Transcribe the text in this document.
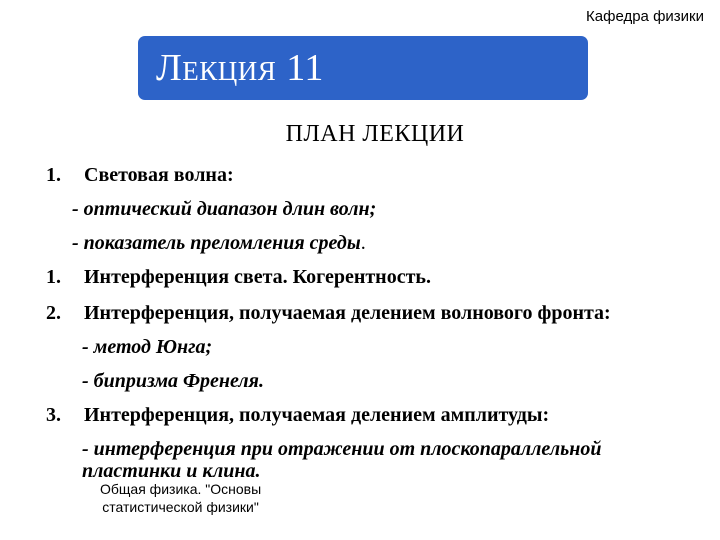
Кафедра физики
Лекция 11
ПЛАН ЛЕКЦИИ
1. Световая волна:
- оптический диапазон длин волн;
- показатель преломления среды.
1. Интерференция света. Когерентность.
2. Интерференция, получаемая делением волнового фронта:
- метод Юнга;
- бипризма Френеля.
3. Интерференция, получаемая делением амплитуды:
- интерференция при отражении от плоскопараллельной
пластинки и клина.
Общая физика. "Основы
статистической физики"
